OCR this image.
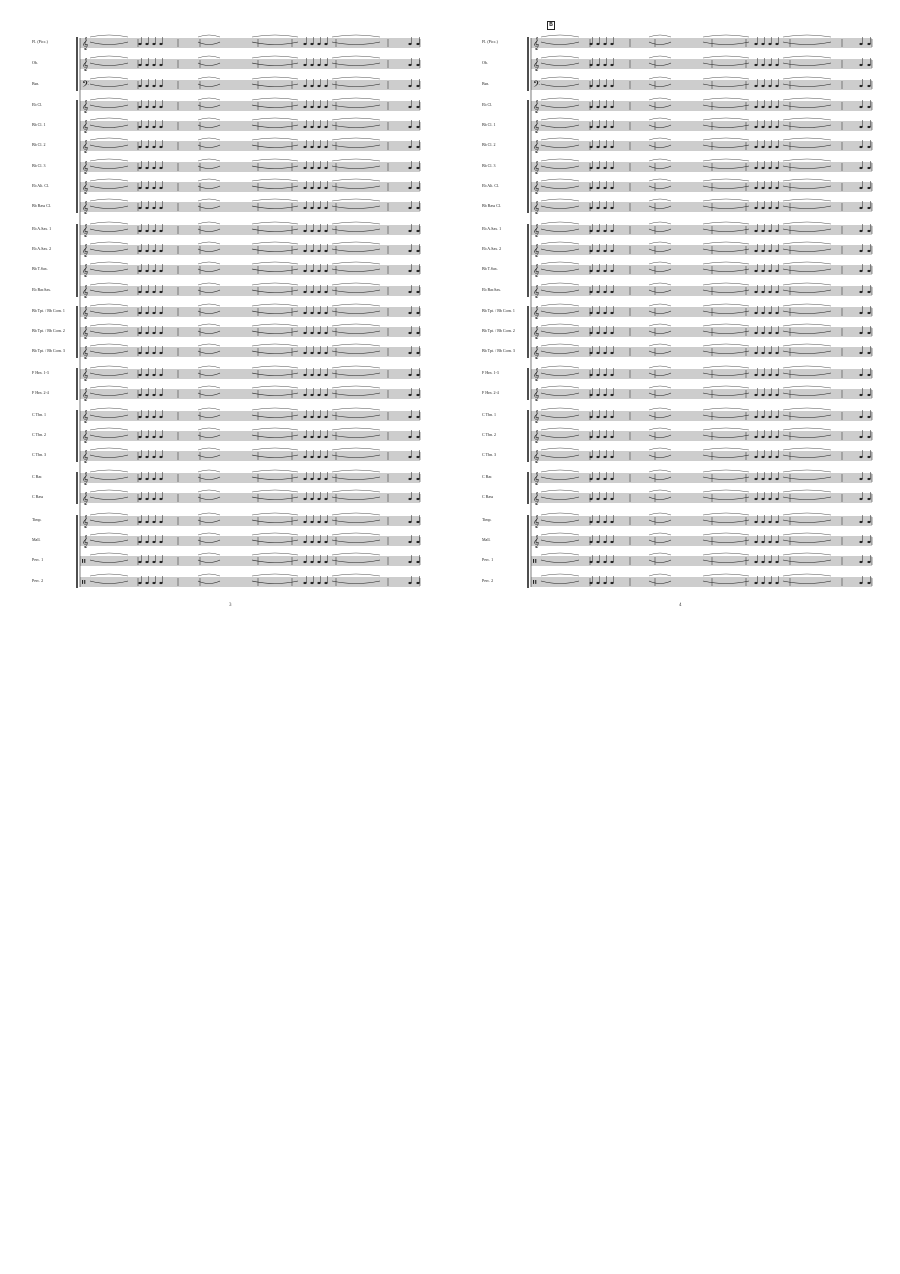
𝄞
𝄞
𝄢
𝄞
𝄞
𝄞
𝄞
𝄞
𝄞
𝄞
𝄞
𝄞
𝄞
𝄞
𝄞
𝄞
𝄞
𝄞
𝄞
𝄞
𝄞
𝄞
𝄞
𝄞
𝄞
𝄥
𝄥
3
Fl. (Picc.)
Ob.
Bsn.
Eb Cl.
Bb Cl. 1
Bb Cl. 2
Bb Cl. 3
Eb Alt. Cl.
Bb Bass Cl.
Eb A.Sax. 1
Eb A.Sax. 2
Bb T.Sax.
Eb Bar.Sax.
Bb Tpt. / Bb Corn. 1
Bb Tpt. / Bb Corn. 2
Bb Tpt. / Bb Corn. 3
F Hrn. 1-3
F Hrn. 2-4
C Tbn. 1
C Tbn. 2
C Tbn. 3
C Bar.
C Bass
Timp.
Mall.
Perc. 1
Perc. 2
𝄞
𝄞
𝄢
𝄞
𝄞
𝄞
𝄞
𝄞
𝄞
𝄞
𝄞
𝄞
𝄞
𝄞
𝄞
𝄞
𝄞
𝄞
𝄞
𝄞
𝄞
𝄞
𝄞
𝄞
𝄞
𝄥
𝄥
B
4
Fl. (Picc.)
Ob.
Bsn.
Eb Cl.
Bb Cl. 1
Bb Cl. 2
Bb Cl. 3
Eb Alt. Cl.
Bb Bass Cl.
Eb A.Sax. 1
Eb A.Sax. 2
Bb T.Sax.
Eb Bar.Sax.
Bb Tpt. / Bb Corn. 1
Bb Tpt. / Bb Corn. 2
Bb Tpt. / Bb Corn. 3
F Hrn. 1-3
F Hrn. 2-4
C Tbn. 1
C Tbn. 2
C Tbn. 3
C Bar.
C Bass
Timp.
Mall.
Perc. 1
Perc. 2
